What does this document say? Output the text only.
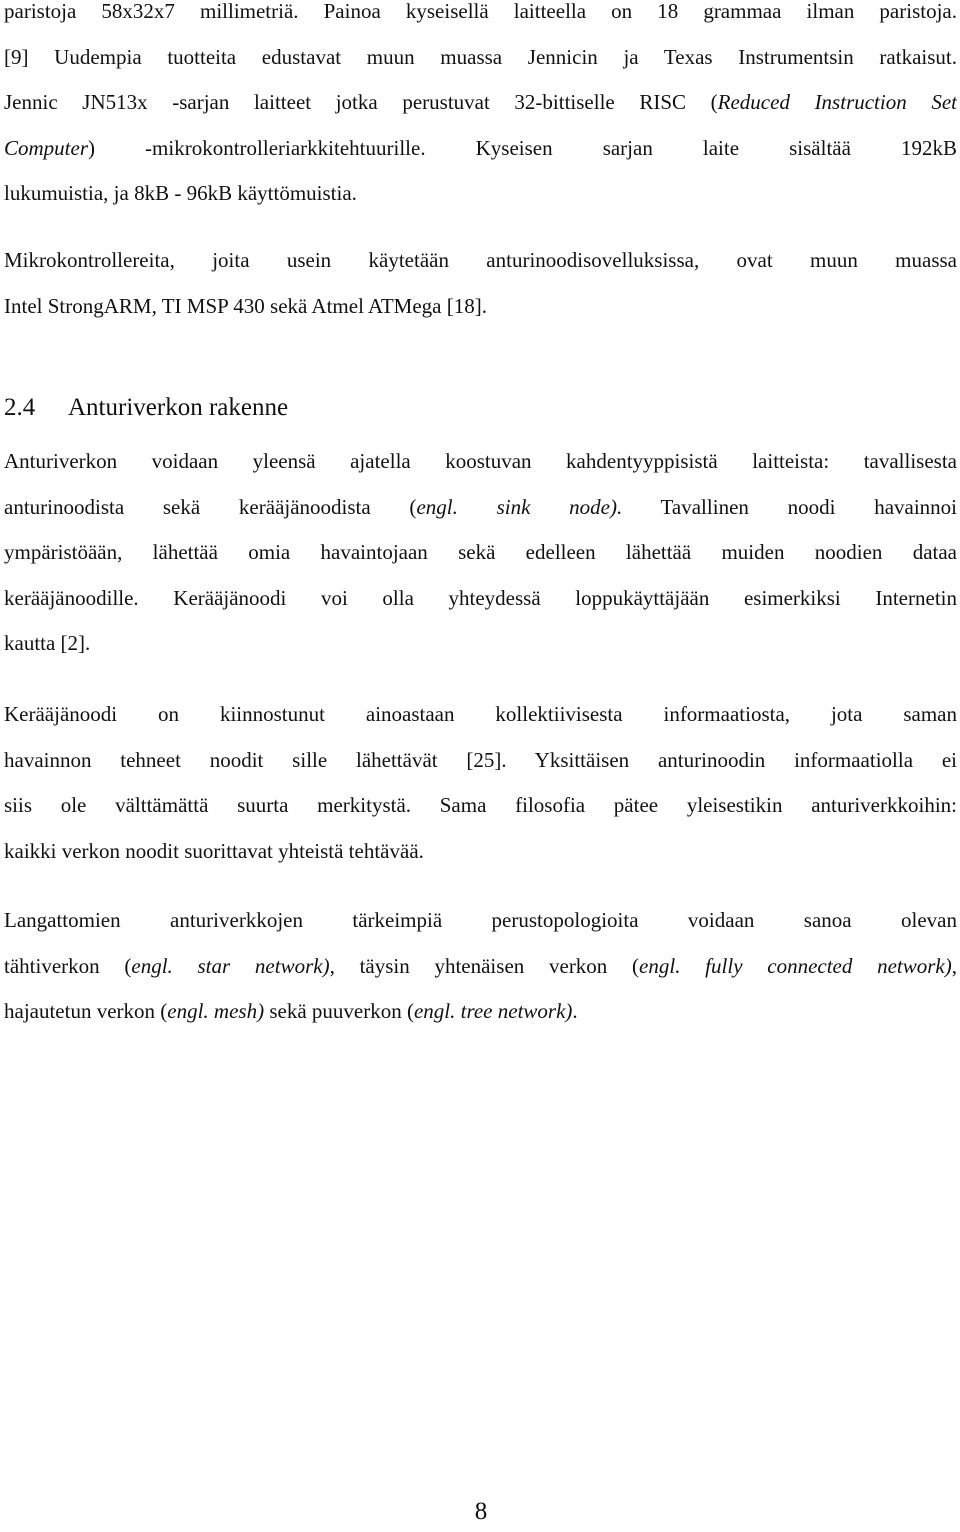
paristoja 58x32x7 millimetriä. Painoa kyseisellä laitteella on 18 grammaa ilman paristoja.
[9] Uudempia tuotteita edustavat muun muassa Jennicin ja Texas Instrumentsin ratkaisut.
Jennic JN513x -sarjan laitteet jotka perustuvat 32-bittiselle RISC (Reduced Instruction Set
Computer) -mikrokontrolleriarkkitehtuurille. Kyseisen sarjan laite sisältää 192kB
lukumuistia, ja 8kB - 96kB käyttömuistia.
Mikrokontrollereita, joita usein käytetään anturinoodisovelluksissa, ovat muun muassa
Intel StrongARM, TI MSP 430 sekä Atmel ATMega [18].
2.4 Anturiverkon rakenne
Anturiverkon voidaan yleensä ajatella koostuvan kahdentyyppisistä laitteista: tavallisesta
anturinoodista sekä kerääjänoodista (engl. sink node). Tavallinen noodi havainnoi
ympäristöään, lähettää omia havaintojaan sekä edelleen lähettää muiden noodien dataa
kerääjänoodille. Kerääjänoodi voi olla yhteydessä loppukäyttäjään esimerkiksi Internetin
kautta [2].
Kerääjänoodi on kiinnostunut ainoastaan kollektiivisesta informaatiosta, jota saman
havainnon tehneet noodit sille lähettävät [25]. Yksittäisen anturinoodin informaatiolla ei
siis ole välttämättä suurta merkitystä. Sama filosofia pätee yleisestikin anturiverkkoihin:
kaikki verkon noodit suorittavat yhteistä tehtävää.
Langattomien anturiverkkojen tärkeimpiä perustopologioita voidaan sanoa olevan
tähtiverkon (engl. star network), täysin yhtenäisen verkon (engl. fully connected network),
hajautetun verkon (engl. mesh) sekä puuverkon (engl. tree network).
8
